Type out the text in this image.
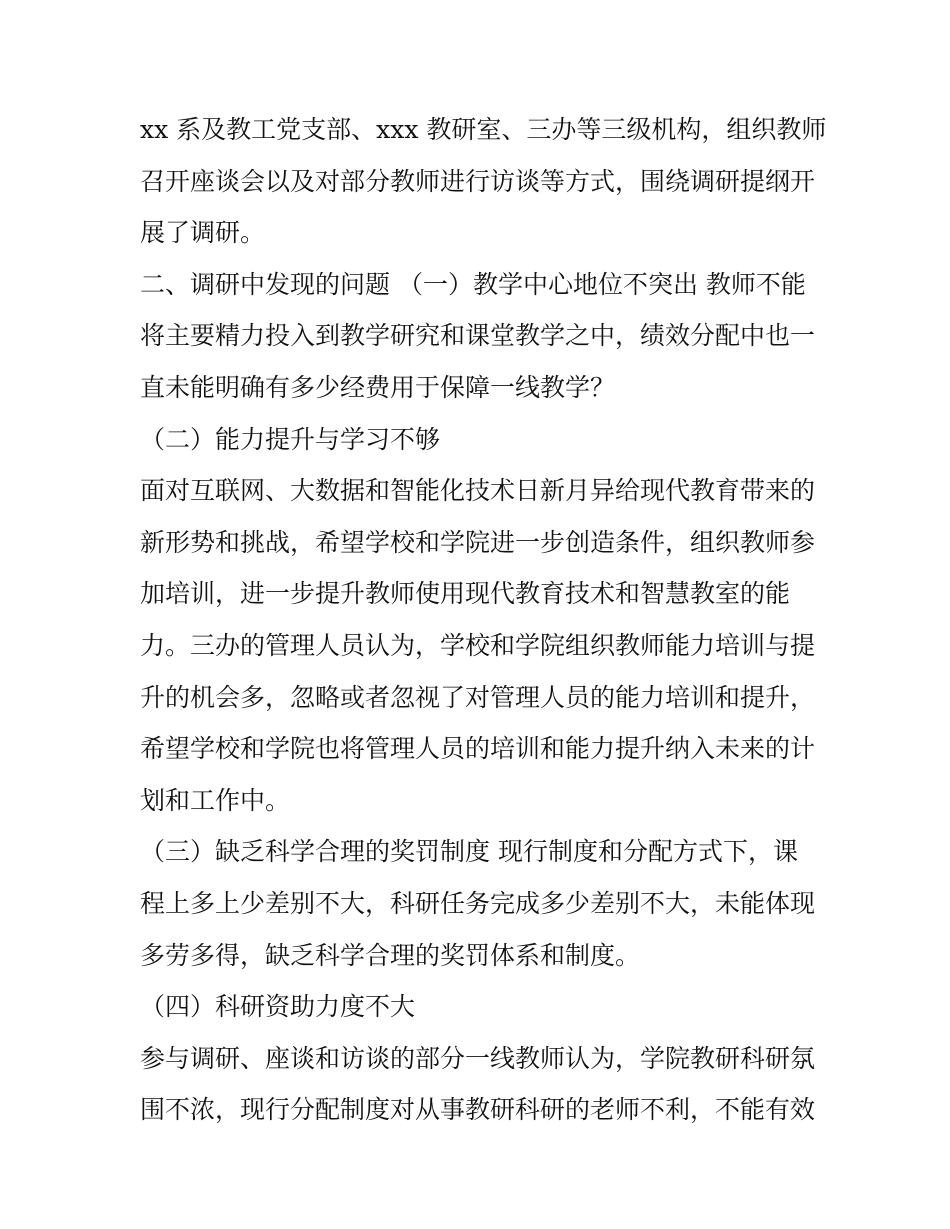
xx 系及教工党支部、xxx 教研室、三办等三级机构，组织教师
召开座谈会以及对部分教师进行访谈等方式，围绕调研提纲开
展了调研。
二、调研中发现的问题 （一）教学中心地位不突出 教师不能
将主要精力投入到教学研究和课堂教学之中，绩效分配中也一
直未能明确有多少经费用于保障一线教学？
（二）能力提升与学习不够
面对互联网、大数据和智能化技术日新月异给现代教育带来的
新形势和挑战，希望学校和学院进一步创造条件，组织教师参
加培训，进一步提升教师使用现代教育技术和智慧教室的能
力。三办的管理人员认为，学校和学院组织教师能力培训与提
升的机会多，忽略或者忽视了对管理人员的能力培训和提升，
希望学校和学院也将管理人员的培训和能力提升纳入未来的计
划和工作中。
（三）缺乏科学合理的奖罚制度 现行制度和分配方式下，课
程上多上少差别不大，科研任务完成多少差别不大，未能体现
多劳多得，缺乏科学合理的奖罚体系和制度。
（四）科研资助力度不大
参与调研、座谈和访谈的部分一线教师认为，学院教研科研氛
围不浓，现行分配制度对从事教研科研的老师不利，不能有效
